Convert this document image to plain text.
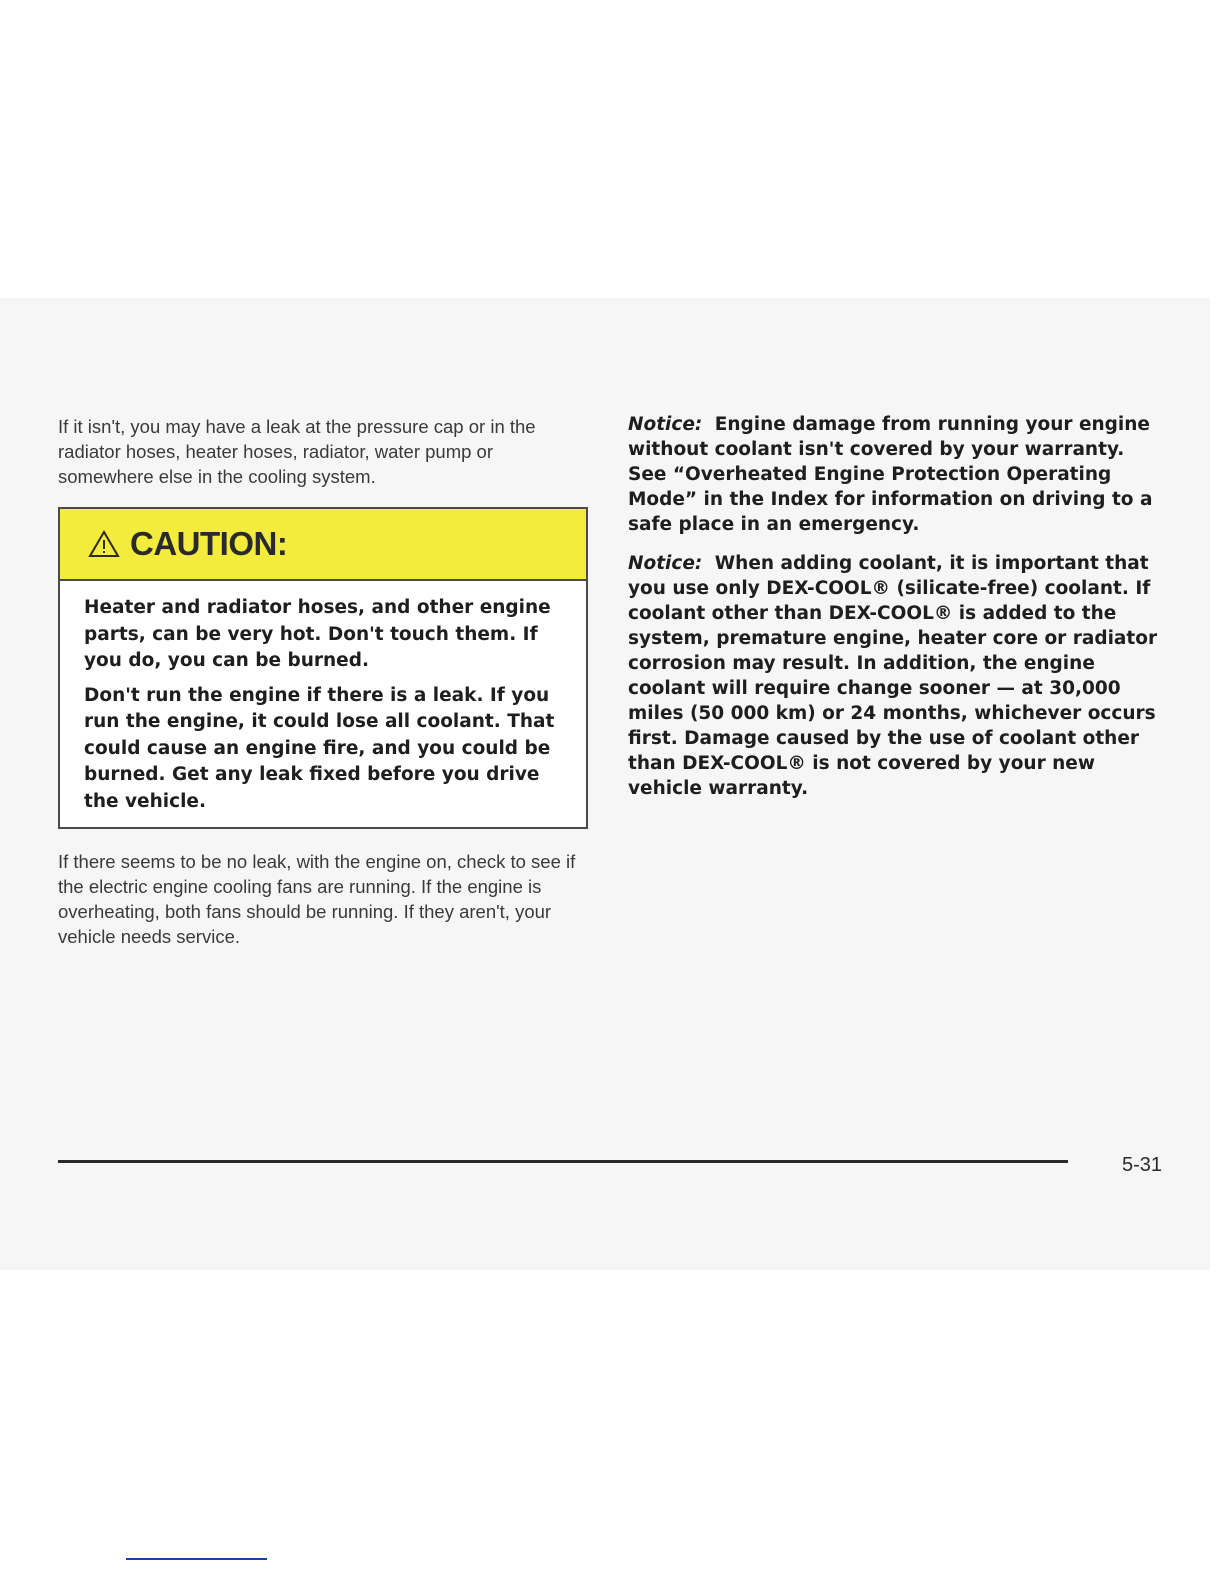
If it isn't, you may have a leak at the pressure cap or in the radiator hoses, heater hoses, radiator, water pump or somewhere else in the cooling system.

CAUTION:

Heater and radiator hoses, and other engine parts, can be very hot. Don't touch them. If you do, you can be burned.

Don't run the engine if there is a leak. If you run the engine, it could lose all coolant. That could cause an engine fire, and you could be burned. Get any leak fixed before you drive the vehicle.

If there seems to be no leak, with the engine on, check to see if the electric engine cooling fans are running. If the engine is overheating, both fans should be running. If they aren't, your vehicle needs service.

Notice: Engine damage from running your engine without coolant isn't covered by your warranty. See “Overheated Engine Protection Operating Mode” in the Index for information on driving to a safe place in an emergency.

Notice: When adding coolant, it is important that you use only DEX-COOL® (silicate-free) coolant. If coolant other than DEX-COOL® is added to the system, premature engine, heater core or radiator corrosion may result. In addition, the engine coolant will require change sooner — at 30,000 miles (50 000 km) or 24 months, whichever occurs first. Damage caused by the use of coolant other than DEX-COOL® is not covered by your new vehicle warranty.

5-31
